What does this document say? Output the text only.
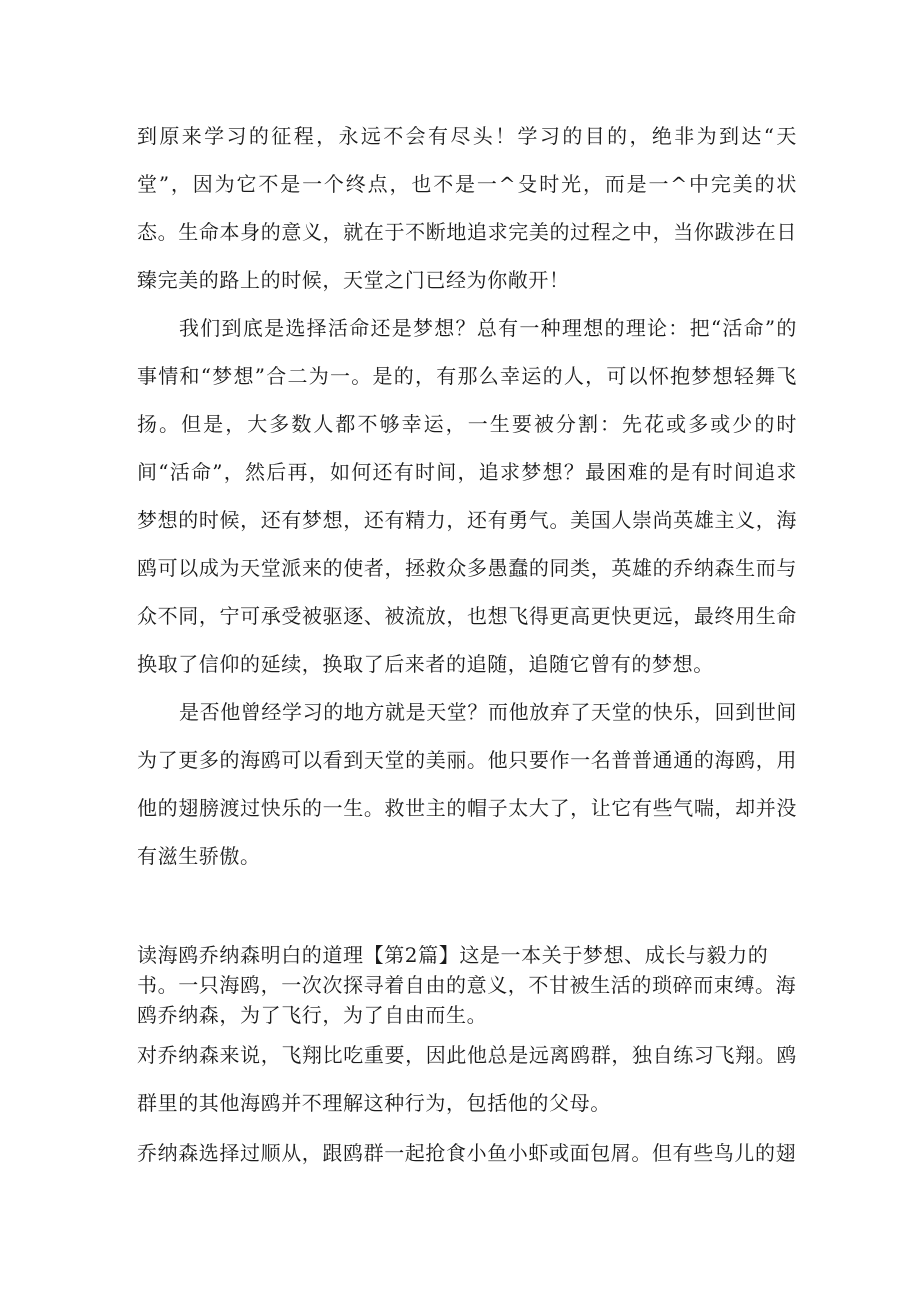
到原来学习的征程，永远不会有尽头！学习的目的，绝非为到达“天堂”，因为它不是一个终点，也不是一^殳时光，而是一^中完美的状态。生命本身的意义，就在于不断地追求完美的过程之中，当你跋涉在日臻完美的路上的时候，天堂之门已经为你敞开！

我们到底是选择活命还是梦想？总有一种理想的理论：把“活命”的事情和“梦想”合二为一。是的，有那么幸运的人，可以怀抱梦想轻舞飞扬。但是，大多数人都不够幸运，一生要被分割：先花或多或少的时间“活命”，然后再，如何还有时间，追求梦想？最困难的是有时间追求梦想的时候，还有梦想，还有精力，还有勇气。美国人崇尚英雄主义，海鸥可以成为天堂派来的使者，拯救众多愚蠢的同类，英雄的乔纳森生而与众不同，宁可承受被驱逐、被流放，也想飞得更高更快更远，最终用生命换取了信仰的延续，换取了后来者的追随，追随它曾有的梦想。

是否他曾经学习的地方就是天堂？而他放弃了天堂的快乐，回到世间为了更多的海鸥可以看到天堂的美丽。他只要作一名普普通通的海鸥，用他的翅膀渡过快乐的一生。救世主的帽子太大了，让它有些气喘，却并没有滋生骄傲。

读海鸥乔纳森明白的道理【第2篇】这是一本关于梦想、成长与毅力的书。一只海鸥，一次次探寻着自由的意义，不甘被生活的琐碎而束缚。海鸥乔纳森，为了飞行，为了自由而生。

对乔纳森来说，飞翔比吃重要，因此他总是远离鸥群，独自练习飞翔。鸥群里的其他海鸥并不理解这种行为，包括他的父母。

乔纳森选择过顺从，跟鸥群一起抢食小鱼小虾或面包屑。但有些鸟儿的翅
